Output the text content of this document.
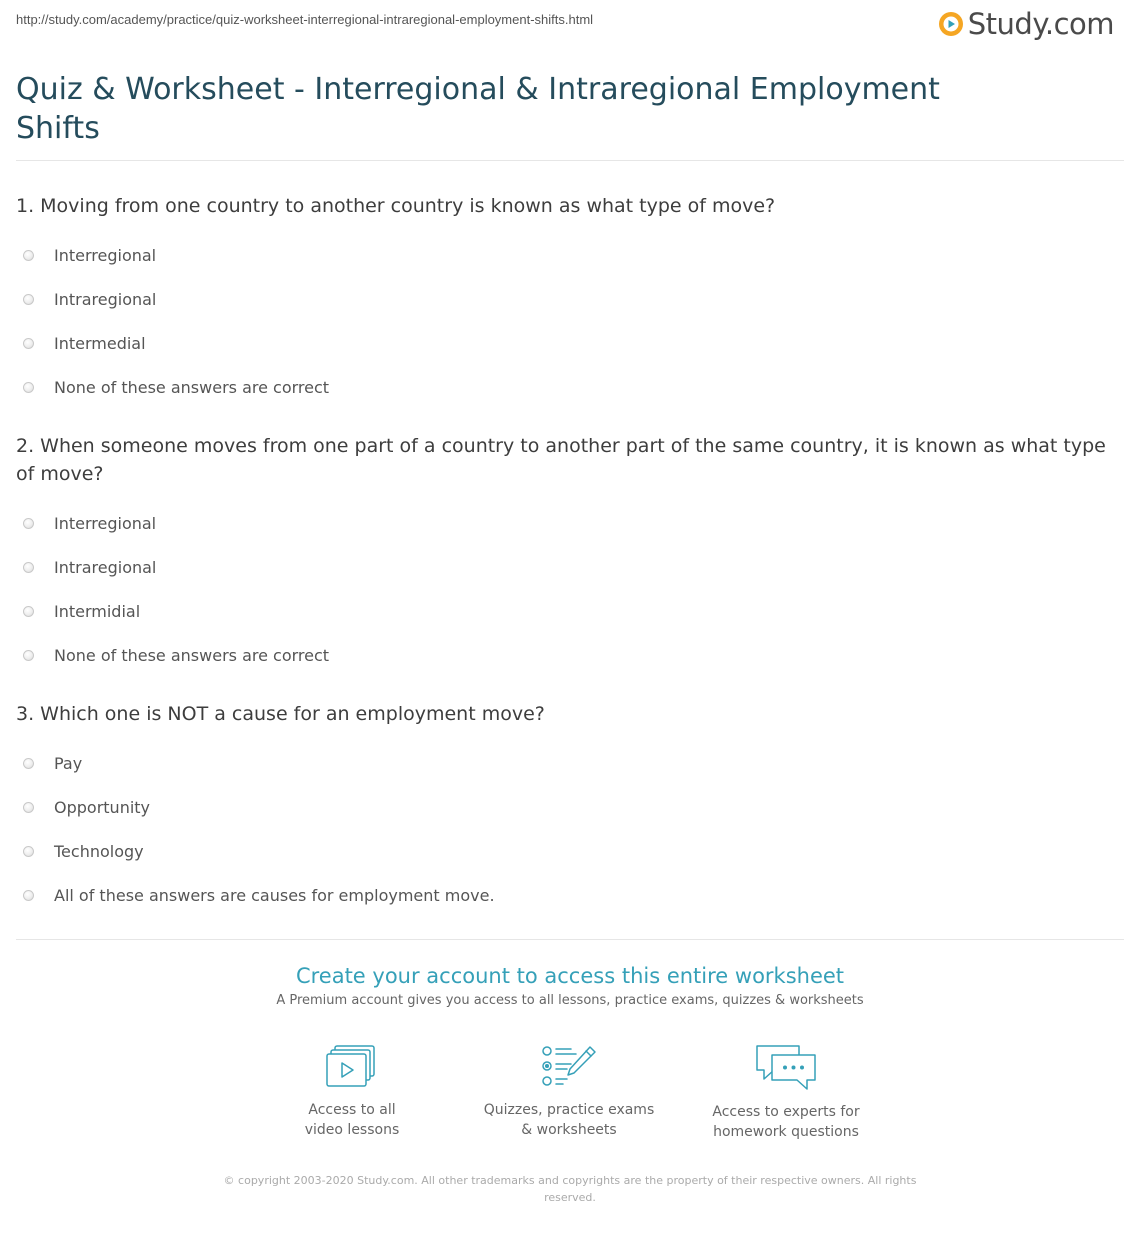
http://study.com/academy/practice/quiz-worksheet-interregional-intraregional-employment-shifts.html	Study.com
Quiz & Worksheet - Interregional & Intraregional Employment Shifts
1. Moving from one country to another country is known as what type of move?
Interregional
Intraregional
Intermedial
None of these answers are correct
2. When someone moves from one part of a country to another part of the same country, it is known as what type of move?
Interregional
Intraregional
Intermidial
None of these answers are correct
3. Which one is NOT a cause for an employment move?
Pay
Opportunity
Technology
All of these answers are causes for employment move.

Create your account to access this entire worksheet

A Premium account gives you access to all lessons, practice exams, quizzes & worksheets

Access to all
video lessons
Quizzes, practice exams
& worksheets
Access to experts for
homework questions
© copyright 2003-2020 Study.com. All other trademarks and copyrights are the property of their respective owners. All rights reserved.
